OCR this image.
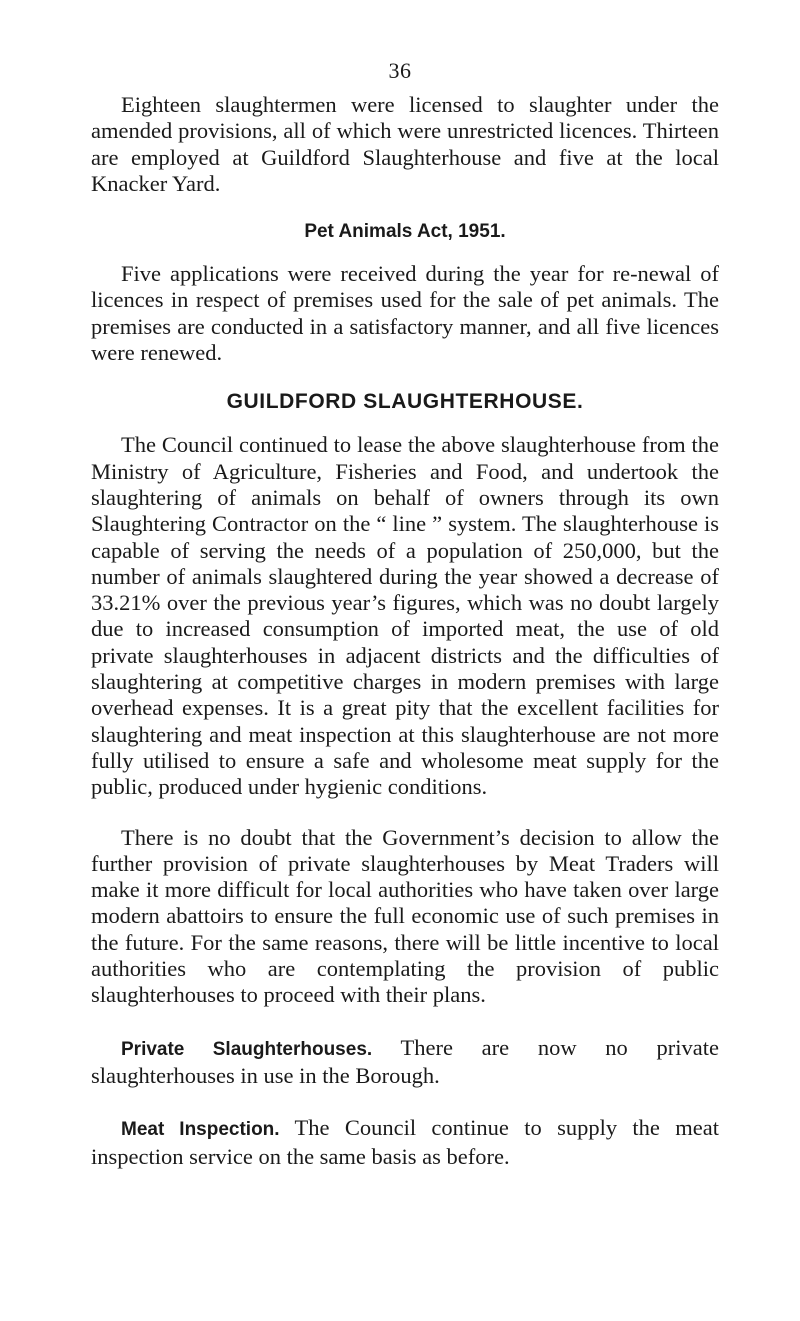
36

Eighteen slaughtermen were licensed to slaughter under the amended provisions, all of which were unrestricted licences. Thirteen are employed at Guildford Slaughterhouse and five at the local Knacker Yard.

Pet Animals Act, 1951.

Five applications were received during the year for re-newal of licences in respect of premises used for the sale of pet animals. The premises are conducted in a satisfactory manner, and all five licences were renewed.

GUILDFORD SLAUGHTERHOUSE.

The Council continued to lease the above slaughterhouse from the Ministry of Agriculture, Fisheries and Food, and undertook the slaughtering of animals on behalf of owners through its own Slaughtering Contractor on the “ line ” system. The slaughterhouse is capable of serving the needs of a population of 250,000, but the number of animals slaughtered during the year showed a decrease of 33.21% over the previous year’s figures, which was no doubt largely due to increased consumption of imported meat, the use of old private slaughterhouses in adjacent districts and the difficulties of slaughtering at competitive charges in modern premises with large overhead expenses. It is a great pity that the excellent facilities for slaughtering and meat inspection at this slaughterhouse are not more fully utilised to ensure a safe and wholesome meat supply for the public, produced under hygienic conditions.

There is no doubt that the Government’s decision to allow the further provision of private slaughterhouses by Meat Traders will make it more difficult for local authorities who have taken over large modern abattoirs to ensure the full economic use of such premises in the future. For the same reasons, there will be little incentive to local authorities who are contemplating the provision of public slaughterhouses to proceed with their plans.

Private Slaughterhouses. There are now no private slaughterhouses in use in the Borough.

Meat Inspection. The Council continue to supply the meat inspection service on the same basis as before.
